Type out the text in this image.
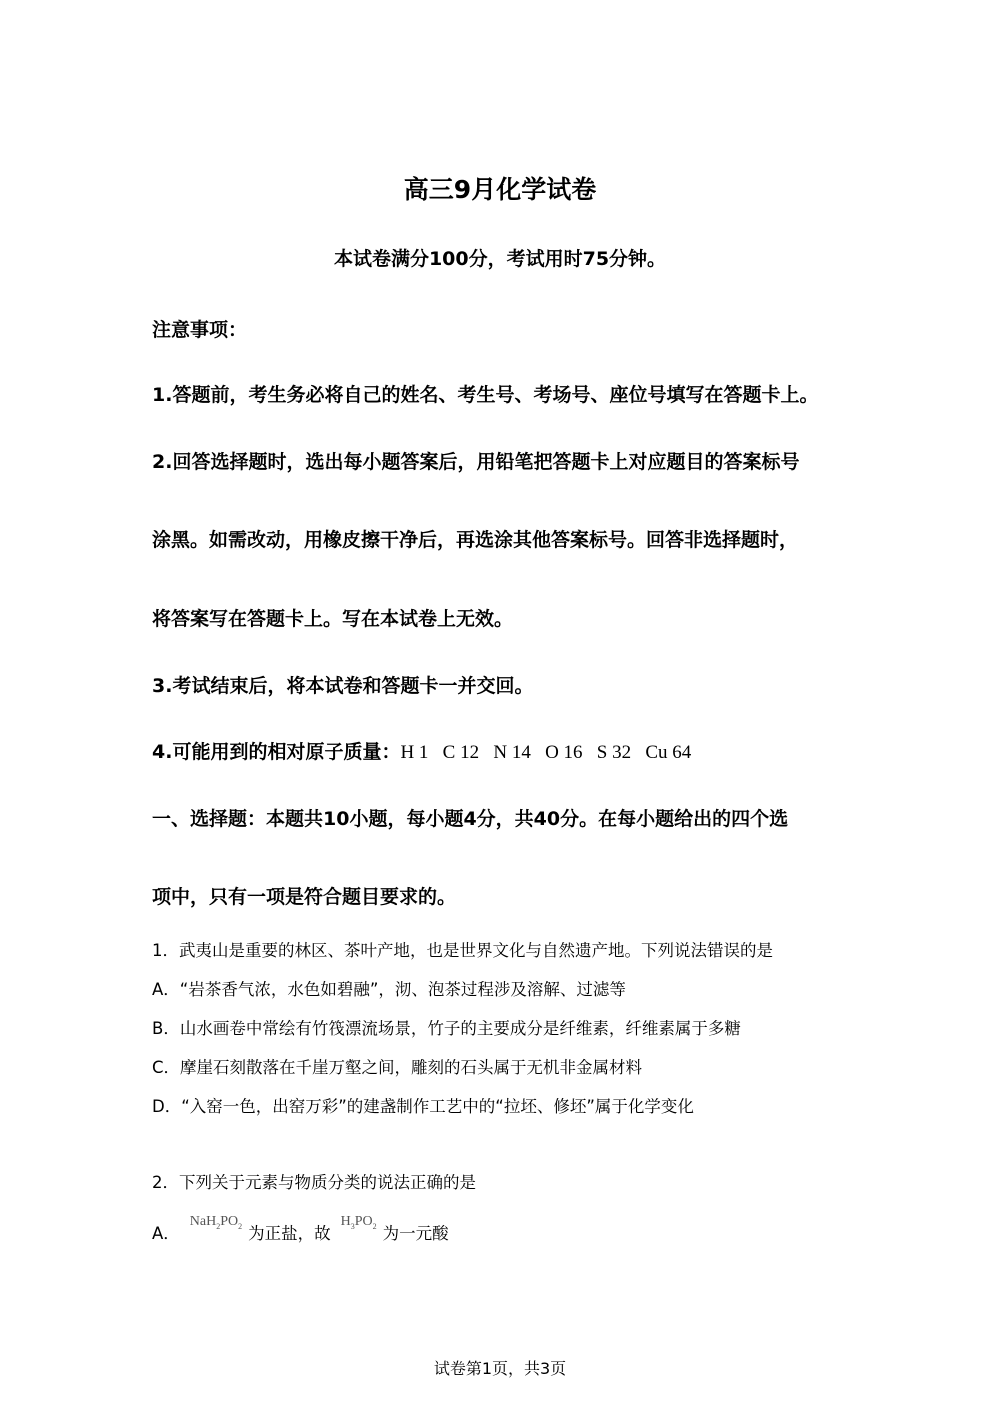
高三9月化学试卷
本试卷满分100分，考试用时75分钟。
注意事项：
1.答题前，考生务必将自己的姓名、考生号、考场号、座位号填写在答题卡上。
2.回答选择题时，选出每小题答案后，用铅笔把答题卡上对应题目的答案标号
涂黑。如需改动，用橡皮擦干净后，再选涂其他答案标号。回答非选择题时，
将答案写在答题卡上。写在本试卷上无效。
3.考试结束后，将本试卷和答题卡一并交回。
4.可能用到的相对原子质量：H 1   C 12   N 14   O 16   S 32   Cu 64
一、选择题：本题共10小题，每小题4分，共40分。在每小题给出的四个选
项中，只有一项是符合题目要求的。
1．武夷山是重要的林区、茶叶产地，也是世界文化与自然遗产地。下列说法错误的是
A．“岩茶香气浓，水色如碧融”，沏、泡茶过程涉及溶解、过滤等
B．山水画卷中常绘有竹筏漂流场景，竹子的主要成分是纤维素，纤维素属于多糖
C．摩崖石刻散落在千崖万壑之间，雕刻的石头属于无机非金属材料
D．“入窑一色，出窑万彩”的建盏制作工艺中的“拉坯、修坯”属于化学变化
2．下列关于元素与物质分类的说法正确的是
A．$^{NaH_2PO_2}$ 为正盐，故$^{H_3PO_2}$ 为一元酸
试卷第1页，共3页
